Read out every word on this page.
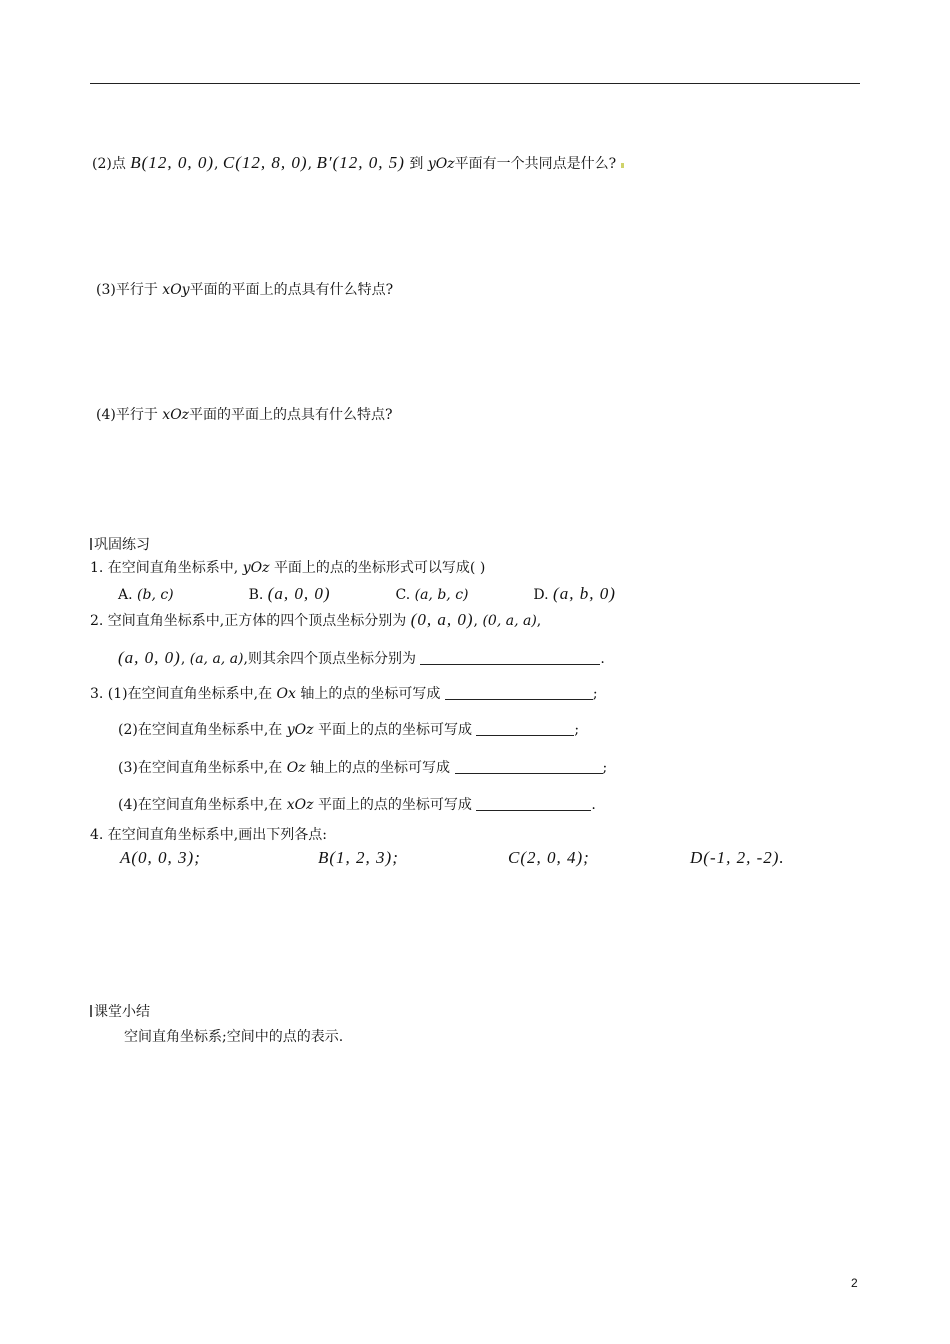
(2)点 B(12, 0, 0), C(12, 8, 0), B′(12, 0, 5) 到 yOz平面有一个共同点是什么?
(3)平行于 xOy平面的平面上的点具有什么特点?
(4)平行于 xOz平面的平面上的点具有什么特点?
巩固练习
1. 在空间直角坐标系中, yOz 平面上的点的坐标形式可以写成( )
A. (b, c)	B. (a, 0, 0)	C. (a, b, c)	D. (a, b, 0)
2. 空间直角坐标系中,正方体的四个顶点坐标分别为 (0, a, 0), (0, a, a),
(a, 0, 0), (a, a, a),则其余四个顶点坐标分别为	.
3. (1)在空间直角坐标系中,在 Ox 轴上的点的坐标可写成	;
(2)在空间直角坐标系中,在 yOz 平面上的点的坐标可写成	;
(3)在空间直角坐标系中,在 Oz 轴上的点的坐标可写成	;
(4)在空间直角坐标系中,在 xOz 平面上的点的坐标可写成	.
4. 在空间直角坐标系中,画出下列各点:
A(0, 0, 3);	B(1, 2, 3);	C(2, 0, 4);	D(-1, 2, -2).
课堂小结
空间直角坐标系;空间中的点的表示.
2
